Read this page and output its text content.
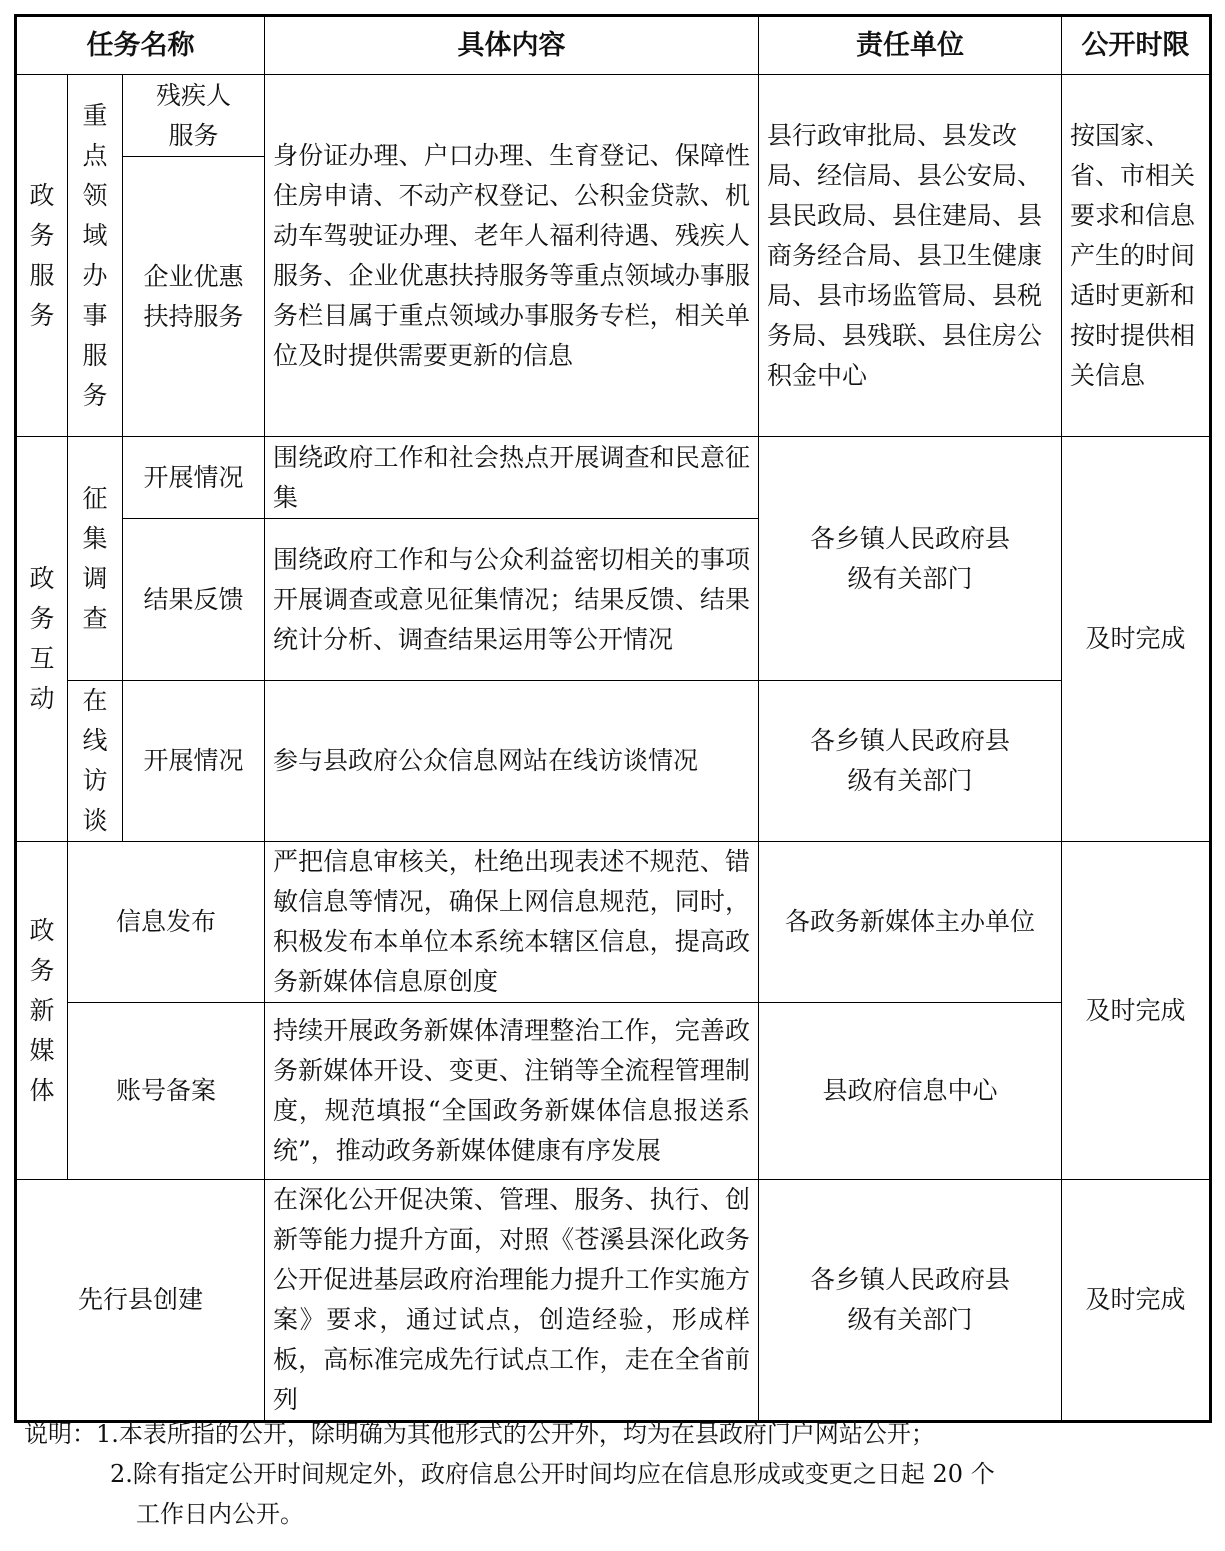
任务名称			具体内容	责任单位	公开时限
政务服务	重点领域办事服务	残疾人服务	身份证办理、户口办理、生育登记、保障性住房申请、不动产权登记、公积金贷款、机动车驾驶证办理、老年人福利待遇、残疾人服务、企业优惠扶持服务等重点领域办事服务栏目属于重点领域办事服务专栏，相关单位及时提供需要更新的信息	县行政审批局、县发改局、经信局、县公安局、县民政局、县住建局、县商务经合局、县卫生健康局、县市场监管局、县税务局、县残联、县住房公积金中心	按国家、省、市相关要求和信息产生的时间适时更新和按时提供相关信息
		企业优惠扶持服务			
政务互动	征集调查	开展情况	围绕政府工作和社会热点开展调查和民意征集	各乡镇人民政府县级有关部门	及时完成
		结果反馈	围绕政府工作和与公众利益密切相关的事项开展调查或意见征集情况；结果反馈、结果统计分析、调查结果运用等公开情况		
	在线访谈	开展情况	参与县政府公众信息网站在线访谈情况	各乡镇人民政府县级有关部门	
政务新媒体	信息发布		严把信息审核关，杜绝出现表述不规范、错敏信息等情况，确保上网信息规范，同时，积极发布本单位本系统本辖区信息，提高政务新媒体信息原创度	各政务新媒体主办单位	及时完成
	账号备案		持续开展政务新媒体清理整治工作，完善政务新媒体开设、变更、注销等全流程管理制度，规范填报“全国政务新媒体信息报送系统”，推动政务新媒体健康有序发展	县政府信息中心	
先行县创建			在深化公开促决策、管理、服务、执行、创新等能力提升方面，对照《苍溪县深化政务公开促进基层政府治理能力提升工作实施方案》要求，通过试点，创造经验，形成样板，高标准完成先行试点工作，走在全省前列	各乡镇人民政府县级有关部门	及时完成
说明：1.本表所指的公开，除明确为其他形式的公开外，均为在县政府门户网站公开；
2.除有指定公开时间规定外，政府信息公开时间均应在信息形成或变更之日起 20 个
工作日内公开。
